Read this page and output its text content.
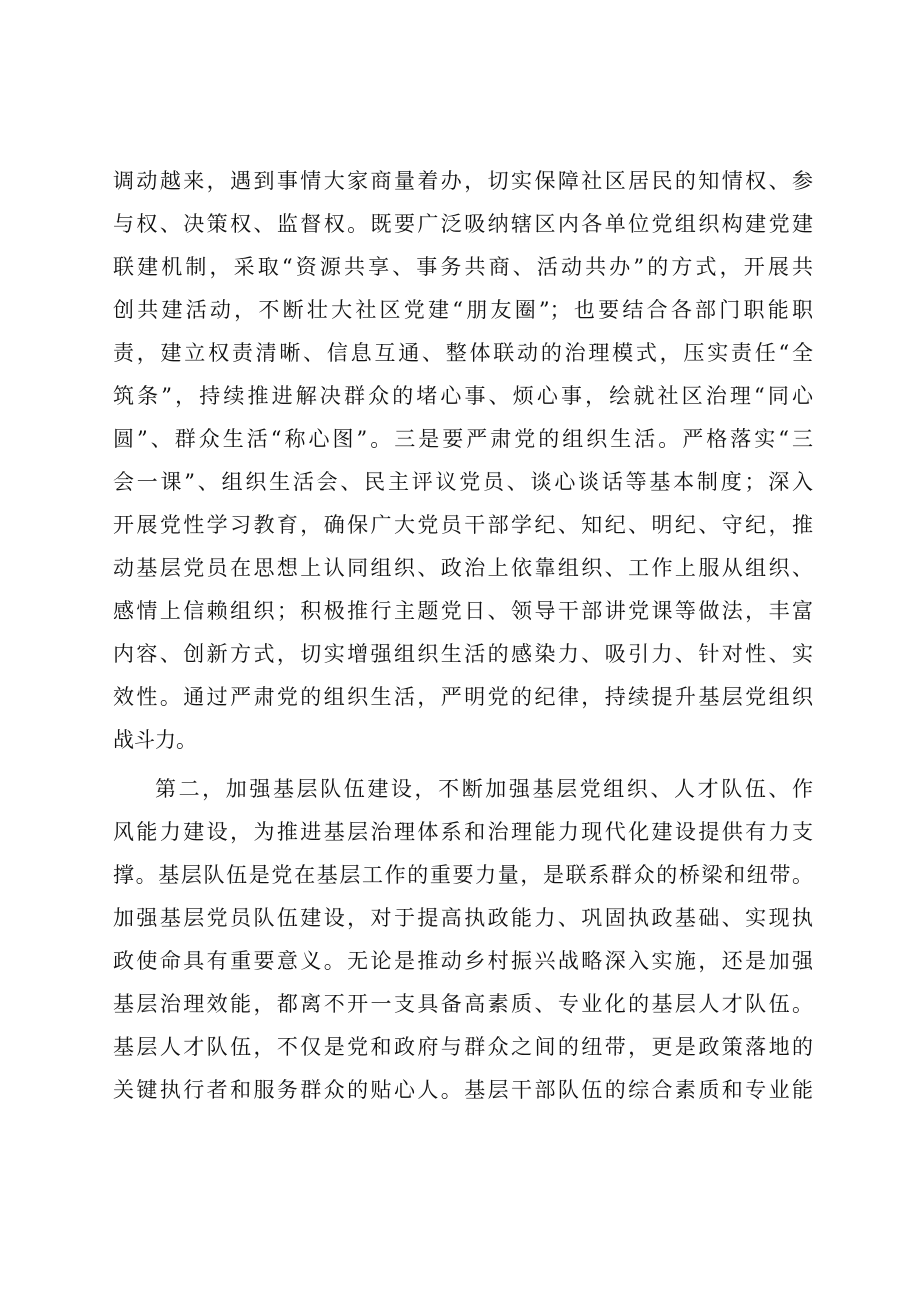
调动越来，遇到事情大家商量着办，切实保障社区居民的知情权、参
与权、决策权、监督权。既要广泛吸纳辖区内各单位党组织构建党建
联建机制，采取“资源共享、事务共商、活动共办”的方式，开展共
创共建活动，不断壮大社区党建“朋友圈”；也要结合各部门职能职
责，建立权责清晰、信息互通、整体联动的治理模式，压实责任“全
筑条”，持续推进解决群众的堵心事、烦心事，绘就社区治理“同心
圆”、群众生活“称心图”。三是要严肃党的组织生活。严格落实“三
会一课”、组织生活会、民主评议党员、谈心谈话等基本制度；深入
开展党性学习教育，确保广大党员干部学纪、知纪、明纪、守纪，推
动基层党员在思想上认同组织、政治上依靠组织、工作上服从组织、
感情上信赖组织；积极推行主题党日、领导干部讲党课等做法，丰富
内容、创新方式，切实增强组织生活的感染力、吸引力、针对性、实
效性。通过严肃党的组织生活，严明党的纪律，持续提升基层党组织
战斗力。
第二，加强基层队伍建设，不断加强基层党组织、人才队伍、作
风能力建设，为推进基层治理体系和治理能力现代化建设提供有力支
撑。基层队伍是党在基层工作的重要力量，是联系群众的桥梁和纽带。
加强基层党员队伍建设，对于提高执政能力、巩固执政基础、实现执
政使命具有重要意义。无论是推动乡村振兴战略深入实施，还是加强
基层治理效能，都离不开一支具备高素质、专业化的基层人才队伍。
基层人才队伍，不仅是党和政府与群众之间的纽带，更是政策落地的
关键执行者和服务群众的贴心人。基层干部队伍的综合素质和专业能
